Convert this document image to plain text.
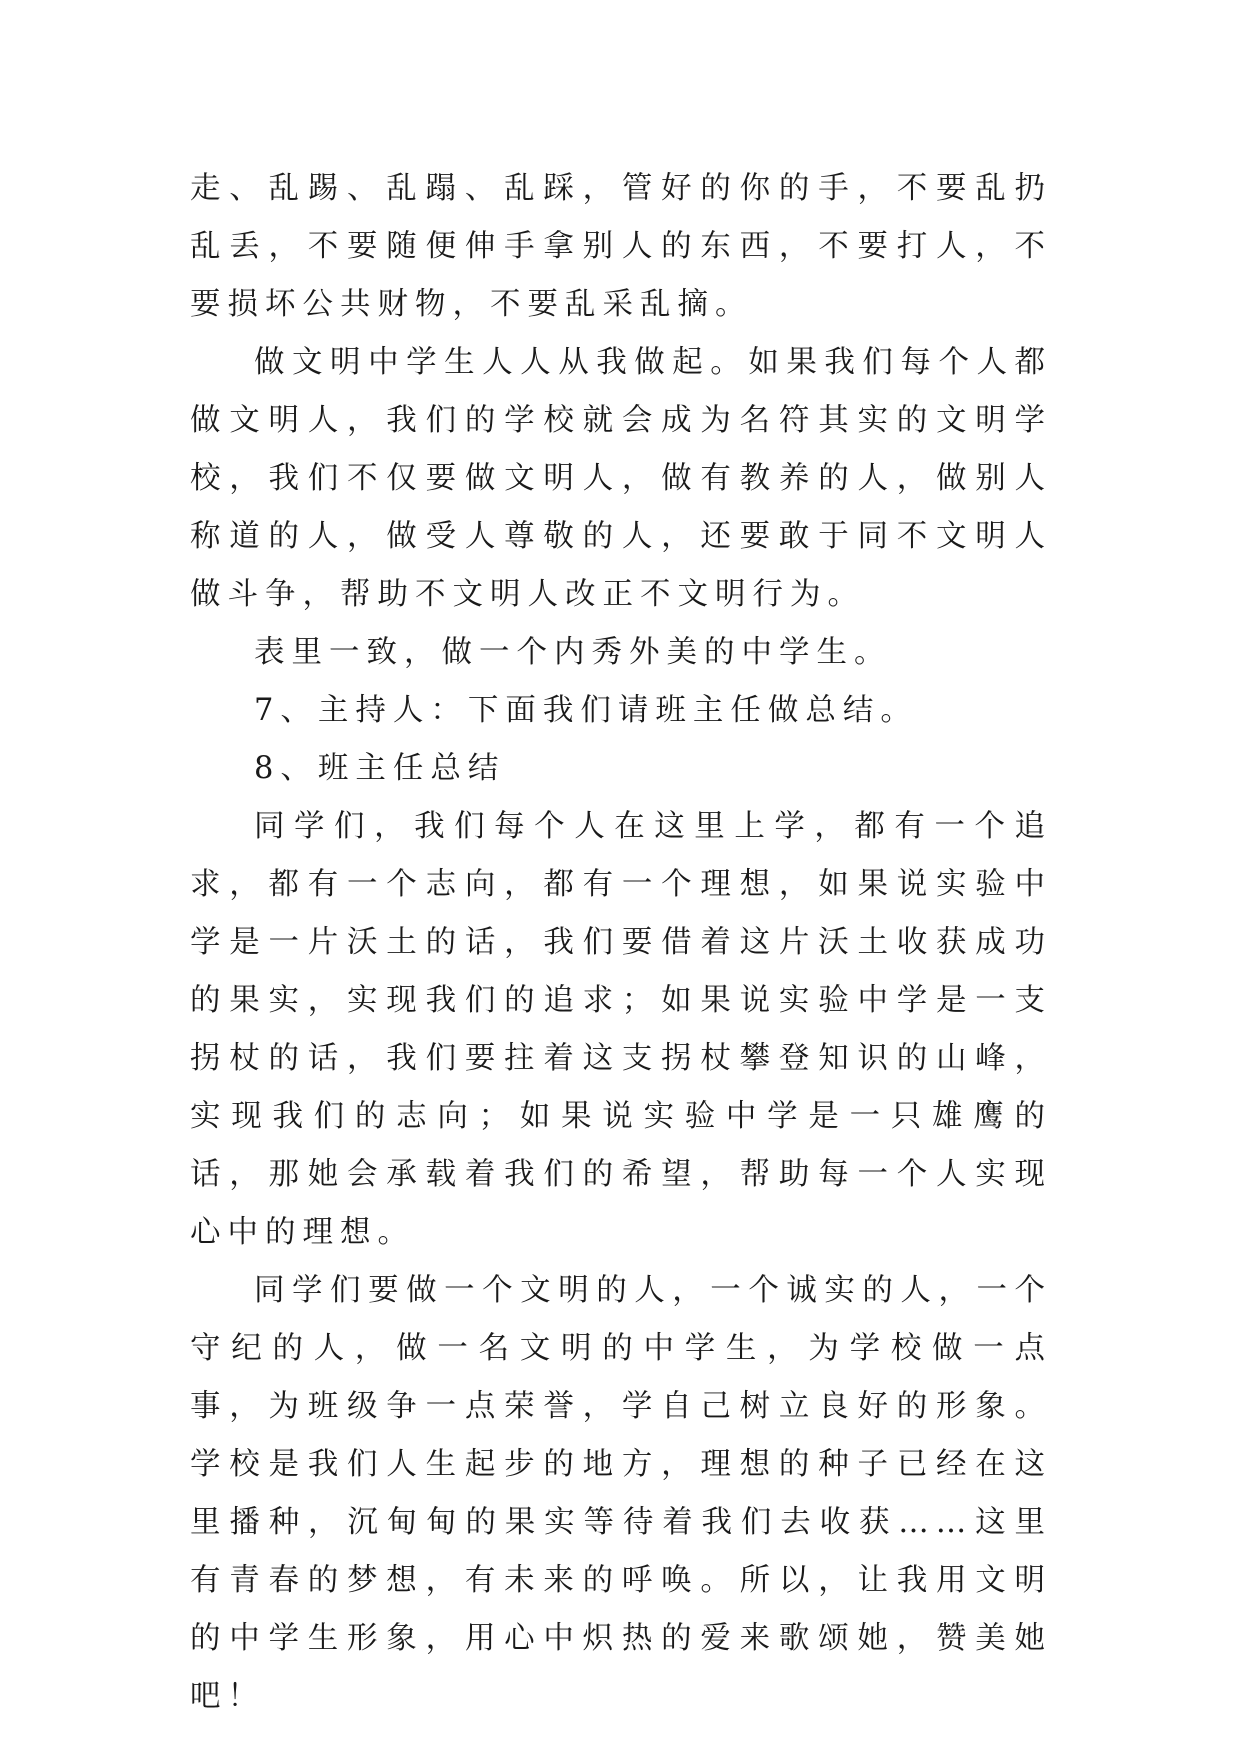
走、乱踢、乱蹋、乱踩，管好的你的手，不要乱扔乱丢，不要随便伸手拿别人的东西，不要打人，不要损坏公共财物，不要乱采乱摘。

做文明中学生人人从我做起。如果我们每个人都做文明人，我们的学校就会成为名符其实的文明学校，我们不仅要做文明人，做有教养的人，做别人称道的人，做受人尊敬的人，还要敢于同不文明人做斗争，帮助不文明人改正不文明行为。

表里一致，做一个内秀外美的中学生。

7、主持人：下面我们请班主任做总结。

8、班主任总结

同学们，我们每个人在这里上学，都有一个追求，都有一个志向，都有一个理想，如果说实验中学是一片沃土的话，我们要借着这片沃土收获成功的果实，实现我们的追求；如果说实验中学是一支拐杖的话，我们要拄着这支拐杖攀登知识的山峰，实现我们的志向；如果说实验中学是一只雄鹰的话，那她会承载着我们的希望，帮助每一个人实现心中的理想。

同学们要做一个文明的人，一个诚实的人，一个守纪的人，做一名文明的中学生，为学校做一点事，为班级争一点荣誉，学自己树立良好的形象。学校是我们人生起步的地方，理想的种子已经在这里播种，沉甸甸的果实等待着我们去收获……这里有青春的梦想，有未来的呼唤。所以，让我用文明的中学生形象，用心中炽热的爱来歌颂她，赞美她吧！
